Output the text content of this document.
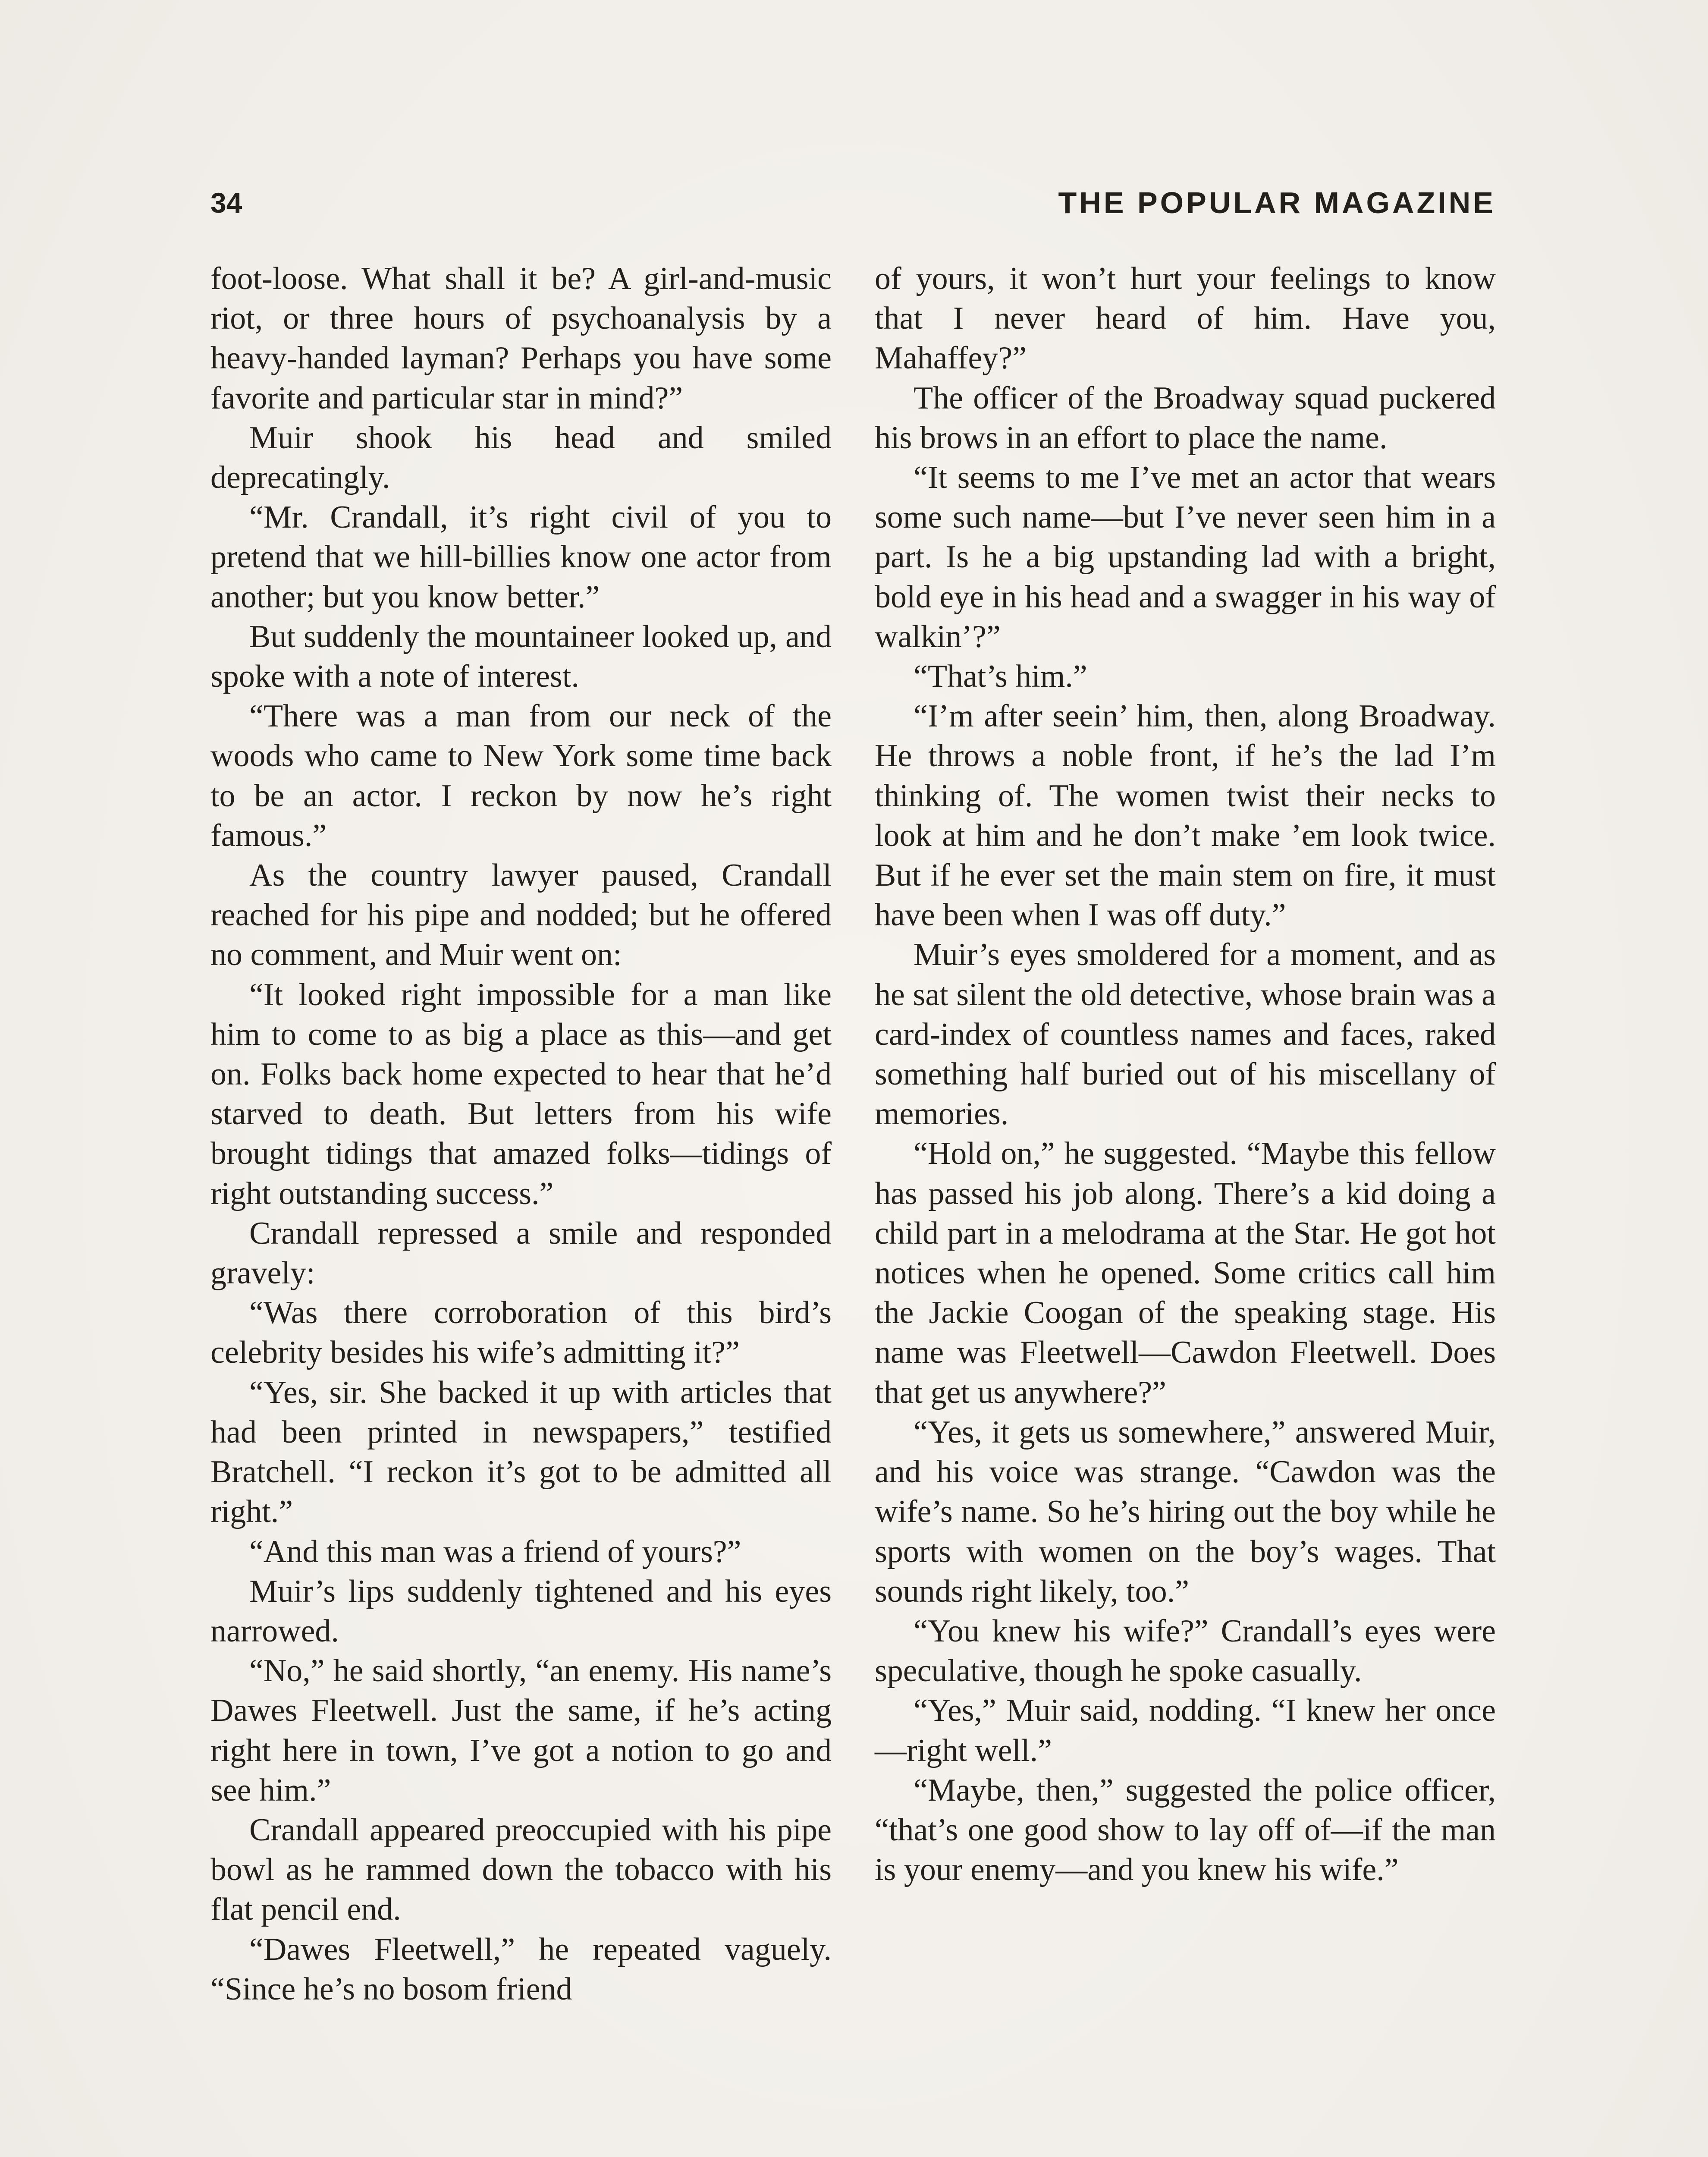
34	THE POPULAR MAGAZINE

foot-loose. What shall it be? A girl-and-music riot, or three hours of psychoanalysis by a heavy-handed layman? Perhaps you have some favorite and particular star in mind?”

Muir shook his head and smiled deprecatingly.

“Mr. Crandall, it’s right civil of you to pretend that we hill-billies know one actor from another; but you know better.”

But suddenly the mountaineer looked up, and spoke with a note of interest.

“There was a man from our neck of the woods who came to New York some time back to be an actor. I reckon by now he’s right famous.”

As the country lawyer paused, Crandall reached for his pipe and nodded; but he offered no comment, and Muir went on:

“It looked right impossible for a man like him to come to as big a place as this—and get on. Folks back home expected to hear that he’d starved to death. But letters from his wife brought tidings that amazed folks—tidings of right outstanding success.”

Crandall repressed a smile and responded gravely:

“Was there corroboration of this bird’s celebrity besides his wife’s admitting it?”

“Yes, sir. She backed it up with articles that had been printed in newspapers,” testified Bratchell. “I reckon it’s got to be admitted all right.”

“And this man was a friend of yours?”

Muir’s lips suddenly tightened and his eyes narrowed.

“No,” he said shortly, “an enemy. His name’s Dawes Fleetwell. Just the same, if he’s acting right here in town, I’ve got a notion to go and see him.”

Crandall appeared preoccupied with his pipe bowl as he rammed down the tobacco with his flat pencil end.

“Dawes Fleetwell,” he repeated vaguely. “Since he’s no bosom friend

of yours, it won’t hurt your feelings to know that I never heard of him. Have you, Mahaffey?”

The officer of the Broadway squad puckered his brows in an effort to place the name.

“It seems to me I’ve met an actor that wears some such name—but I’ve never seen him in a part. Is he a big upstanding lad with a bright, bold eye in his head and a swagger in his way of walkin’?”

“That’s him.”

“I’m after seein’ him, then, along Broadway. He throws a noble front, if he’s the lad I’m thinking of. The women twist their necks to look at him and he don’t make ’em look twice. But if he ever set the main stem on fire, it must have been when I was off duty.”

Muir’s eyes smoldered for a moment, and as he sat silent the old detective, whose brain was a card-index of countless names and faces, raked something half buried out of his miscellany of memories.

“Hold on,” he suggested. “Maybe this fellow has passed his job along. There’s a kid doing a child part in a melodrama at the Star. He got hot notices when he opened. Some critics call him the Jackie Coogan of the speaking stage. His name was Fleetwell—Cawdon Fleetwell. Does that get us anywhere?”

“Yes, it gets us somewhere,” answered Muir, and his voice was strange. “Cawdon was the wife’s name. So he’s hiring out the boy while he sports with women on the boy’s wages. That sounds right likely, too.”

“You knew his wife?” Crandall’s eyes were speculative, though he spoke casually.

“Yes,” Muir said, nodding. “I knew her once—right well.”

“Maybe, then,” suggested the police officer, “that’s one good show to lay off of—if the man is your enemy—and you knew his wife.”
